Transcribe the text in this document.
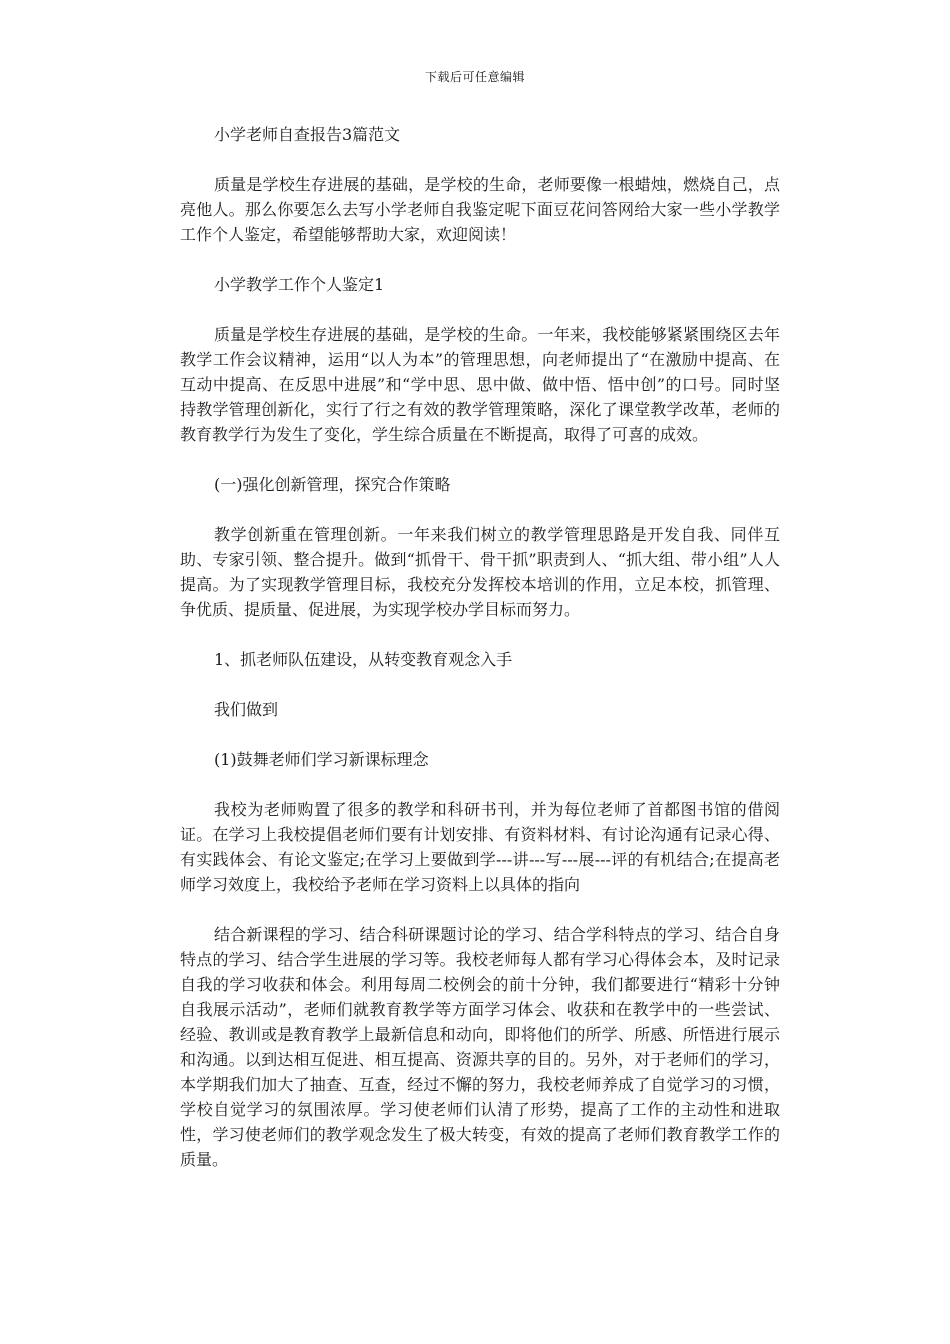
下载后可任意编辑

小学老师自查报告3篇范文

质量是学校生存进展的基础，是学校的生命，老师要像一根蜡烛，燃烧自己，点亮他人。那么你要怎么去写小学老师自我鉴定呢下面豆花问答网给大家一些小学教学工作个人鉴定，希望能够帮助大家，欢迎阅读！

小学教学工作个人鉴定1

质量是学校生存进展的基础，是学校的生命。一年来，我校能够紧紧围绕区去年教学工作会议精神，运用“以人为本”的管理思想，向老师提出了“在激励中提高、在互动中提高、在反思中进展”和“学中思、思中做、做中悟、悟中创”的口号。同时坚持教学管理创新化，实行了行之有效的教学管理策略，深化了课堂教学改革，老师的教育教学行为发生了变化，学生综合质量在不断提高，取得了可喜的成效。

(一)强化创新管理，探究合作策略

教学创新重在管理创新。一年来我们树立的教学管理思路是开发自我、同伴互助、专家引领、整合提升。做到“抓骨干、骨干抓”职责到人、“抓大组、带小组”人人提高。为了实现教学管理目标，我校充分发挥校本培训的作用，立足本校，抓管理、争优质、提质量、促进展，为实现学校办学目标而努力。

1、抓老师队伍建设，从转变教育观念入手

我们做到

(1)鼓舞老师们学习新课标理念

我校为老师购置了很多的教学和科研书刊，并为每位老师了首都图书馆的借阅证。在学习上我校提倡老师们要有计划安排、有资料材料、有讨论沟通有记录心得、有实践体会、有论文鉴定;在学习上要做到学---讲---写---展---评的有机结合;在提高老师学习效度上，我校给予老师在学习资料上以具体的指向

结合新课程的学习、结合科研课题讨论的学习、结合学科特点的学习、结合自身特点的学习、结合学生进展的学习等。我校老师每人都有学习心得体会本，及时记录自我的学习收获和体会。利用每周二校例会的前十分钟，我们都要进行“精彩十分钟自我展示活动”，老师们就教育教学等方面学习体会、收获和在教学中的一些尝试、经验、教训或是教育教学上最新信息和动向，即将他们的所学、所感、所悟进行展示和沟通。以到达相互促进、相互提高、资源共享的目的。另外，对于老师们的学习，本学期我们加大了抽查、互查，经过不懈的努力，我校老师养成了自觉学习的习惯，学校自觉学习的氛围浓厚。学习使老师们认清了形势，提高了工作的主动性和进取性，学习使老师们的教学观念发生了极大转变，有效的提高了老师们教育教学工作的质量。
